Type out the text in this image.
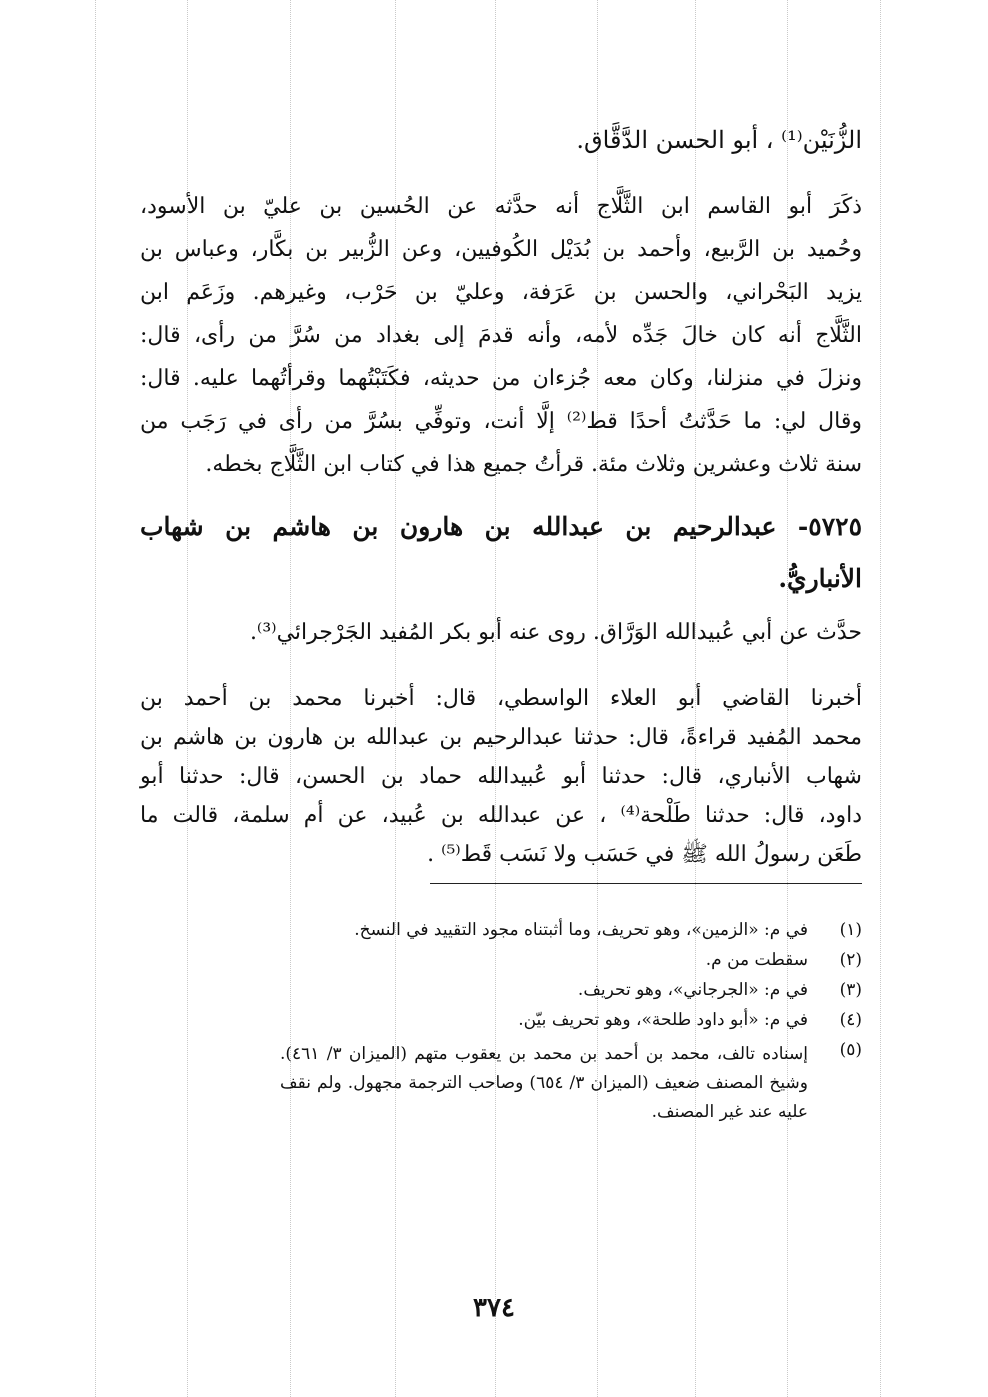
الزُّنَيْن⁽¹⁾ ، أبو الحسن الدَّقَّاق.
ذكَرَ أبو القاسم ابن الثَّلَّاج أنه حدَّثه عن الحُسين بن عليّ بن الأسود،
وحُميد بن الرَّبيع، وأحمد بن بُدَيْل الكُوفيين، وعن الزُّبير بن بكَّار، وعباس بن
يزيد البَحْراني، والحسن بن عَرَفة، وعليّ بن حَرْب، وغيرهم. وزَعَم ابن
الثَّلَّاج أنه كان خالَ جَدِّه لأمه، وأنه قدمَ إلى بغداد من سُرَّ من رأى، قال:
ونزلَ في منزلنا، وكان معه جُزءان من حديثه، فكَتَبْتُهما وقرأتُهما عليه. قال:
وقال لي: ما حَدَّثتُ أحدًا قط⁽²⁾ إلَّا أنت، وتوفِّي بسُرَّ من رأى في رَجَب من
سنة ثلاث وعشرين وثلاث مئة. قرأتُ جميع هذا في كتاب ابن الثَّلَّاج بخطه.
٥٧٢٥- عبدالرحيم بن عبدالله بن هارون بن هاشم بن شهاب
الأنباريُّ.
حدَّث عن أبي عُبيدالله الوَرَّاق. روى عنه أبو بكر المُفيد الجَرْجرائي⁽³⁾.
أخبرنا القاضي أبو العلاء الواسطي، قال: أخبرنا محمد بن أحمد بن
محمد المُفيد قراءةً، قال: حدثنا عبدالرحيم بن عبدالله بن هارون بن هاشم بن
شهاب الأنباري، قال: حدثنا أبو عُبيدالله حماد بن الحسن، قال: حدثنا أبو
داود، قال: حدثنا طَلْحة⁽⁴⁾ ، عن عبدالله بن عُبيد، عن أم سلمة، قالت ما
طَعَن رسولُ الله ﷺ في حَسَب ولا نَسَب قَط⁽⁵⁾ .
(١)
في م: «الزمين»، وهو تحريف، وما أثبتناه مجود التقييد في النسخ.
(٢)
سقطت من م.
(٣)
في م: «الجرجاني»، وهو تحريف.
(٤)
في م: «أبو داود طلحة»، وهو تحريف بيّن.
(٥)
إسناده تالف، محمد بن أحمد بن محمد بن يعقوب متهم (الميزان ٣/ ٤٦١). وشيخ المصنف ضعيف (الميزان ٣/ ٦٥٤) وصاحب الترجمة مجهول. ولم نقف عليه عند غير المصنف.
٣٧٤
